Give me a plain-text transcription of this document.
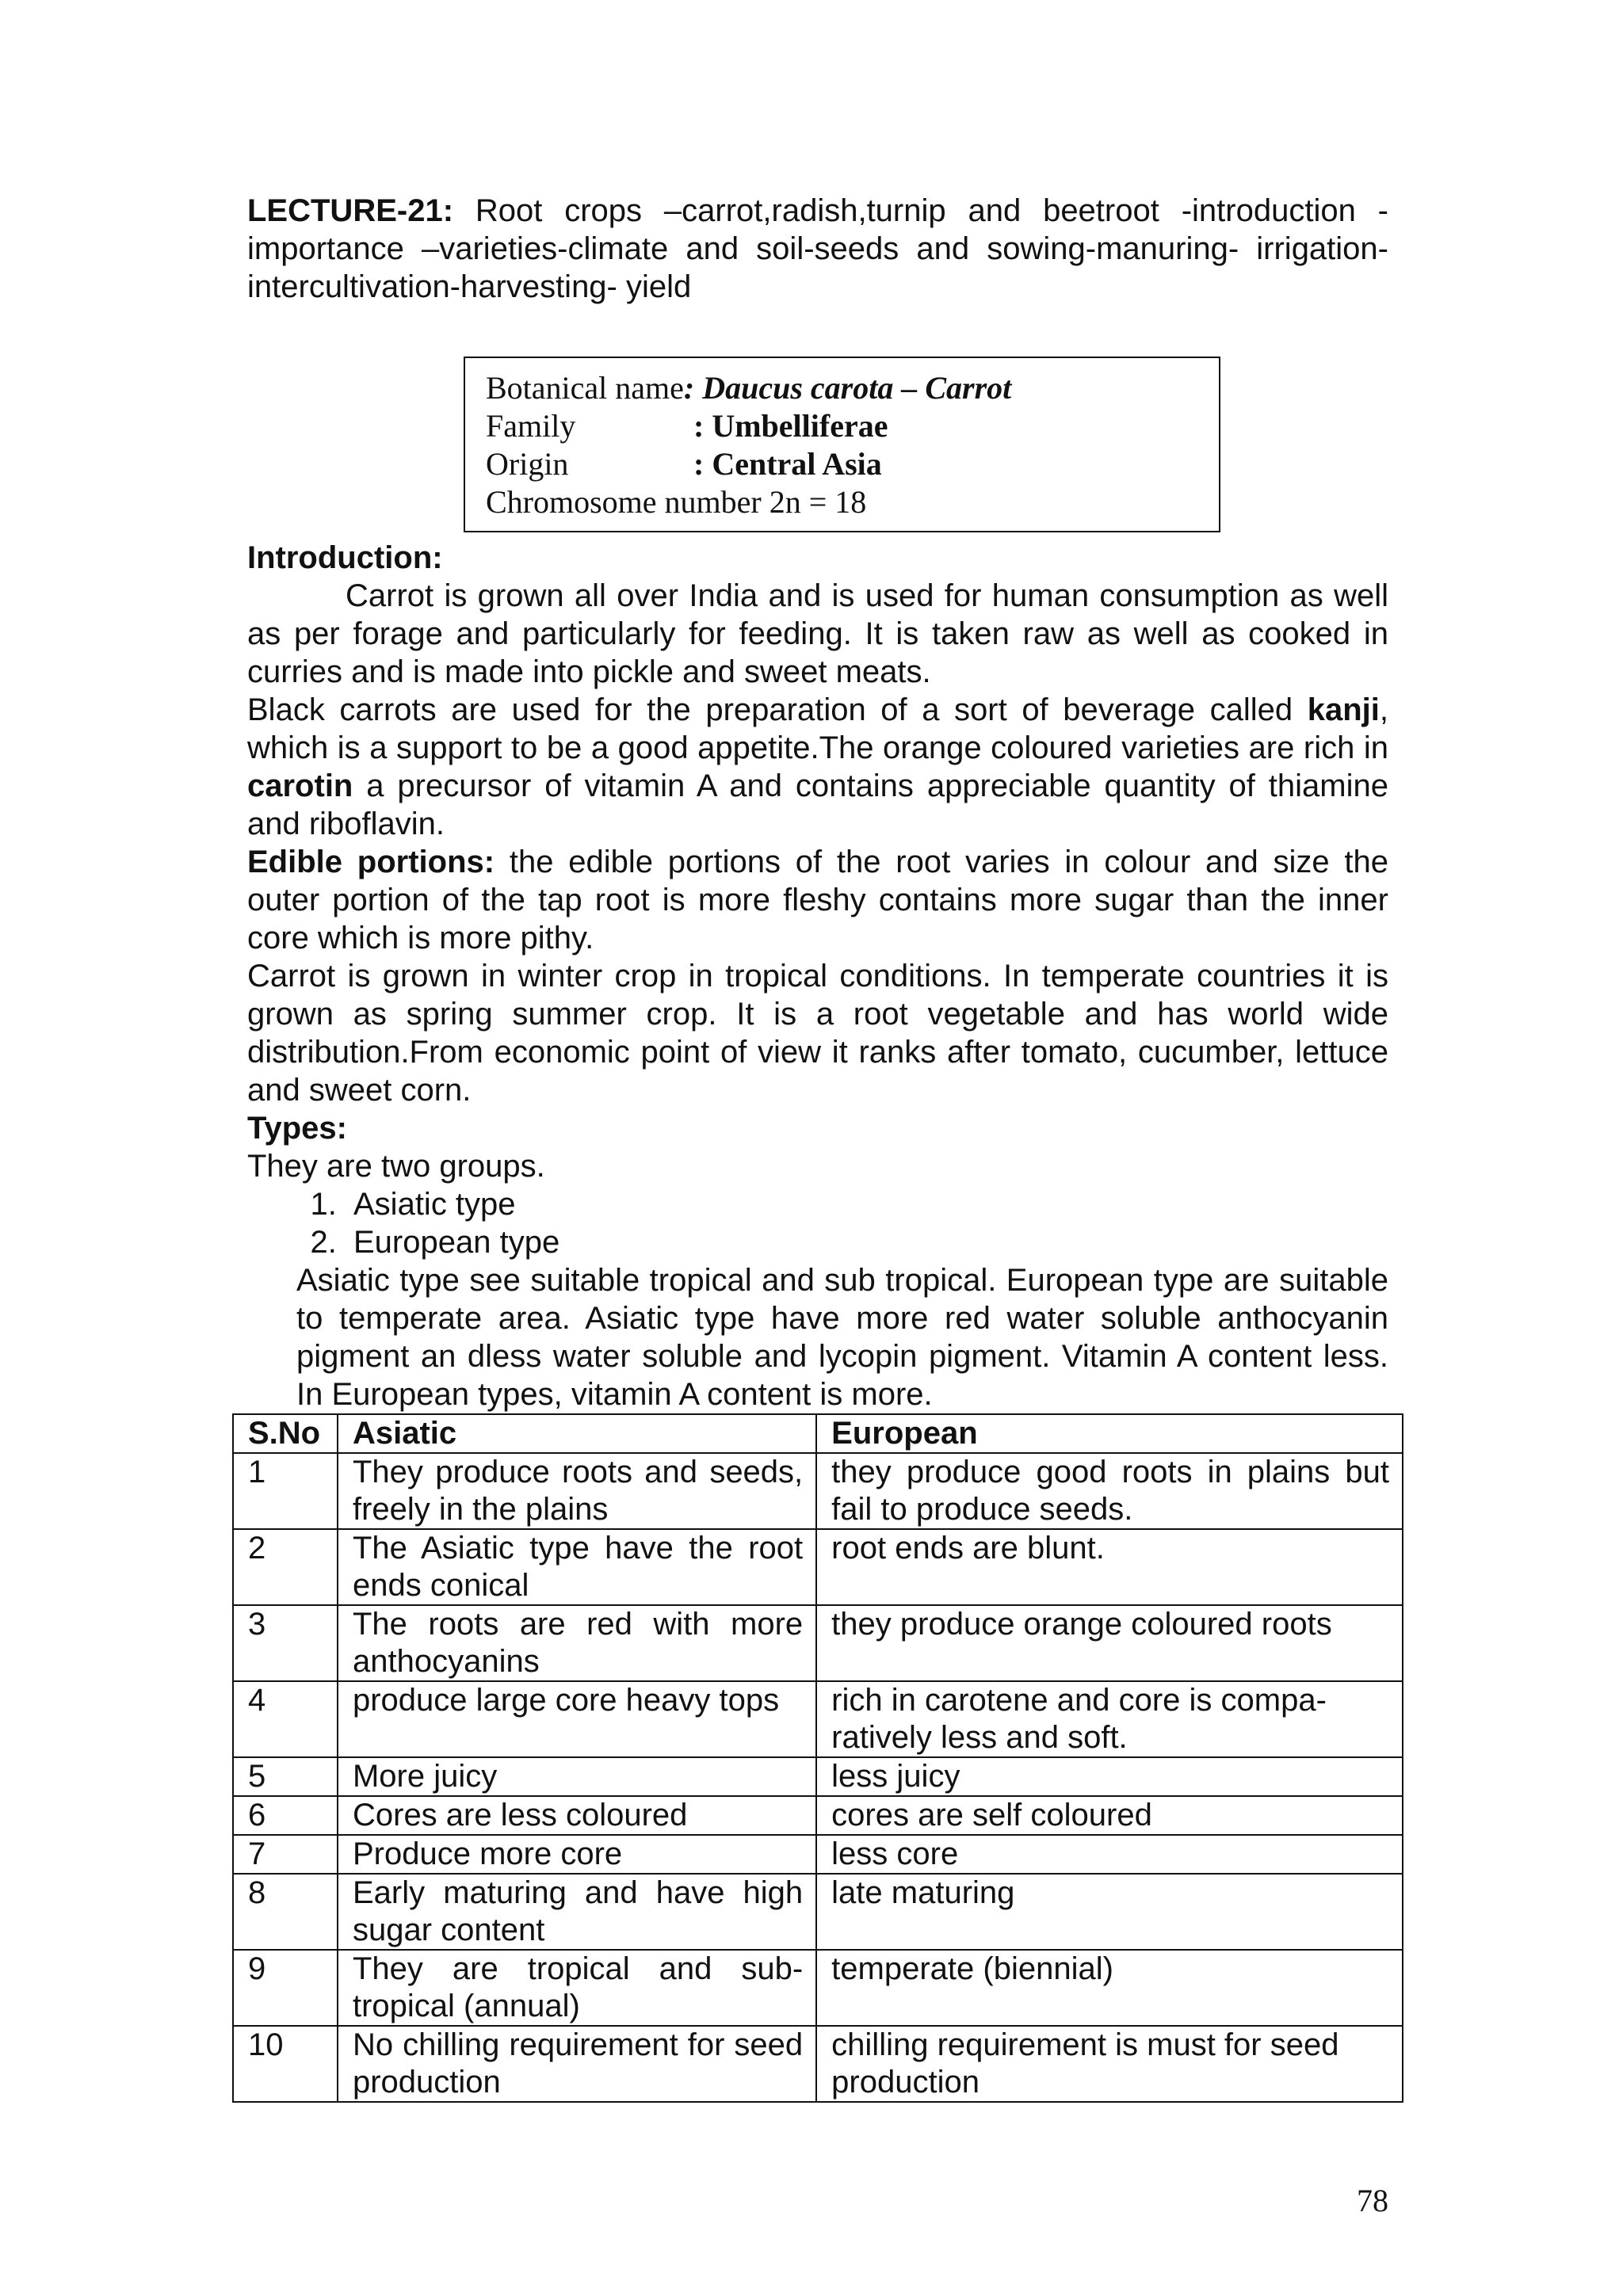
LECTURE-21: Root crops –carrot,radish,turnip and beetroot -introduction - importance –varieties-climate and soil-seeds and sowing-manuring- irrigation-intercultivation-harvesting- yield
Botanical name : Daucus carota – Carrot
Family	: Umbelliferae
Origin	: Central Asia
Chromosome number 2n = 18
Introduction:

Carrot is grown all over India and is used for human consumption as well as per forage and particularly for feeding. It is taken raw as well as cooked in curries and is made into pickle and sweet meats.

Black carrots are used for the preparation of a sort of beverage called kanji, which is a support to be a good appetite.The orange coloured varieties are rich in carotin a precursor of vitamin A and contains appreciable quantity of thiamine and riboflavin.

Edible portions: the edible portions of the root varies in colour and size the outer portion of the tap root is more fleshy contains more sugar than the inner core which is more pithy.

Carrot is grown in winter crop in tropical conditions. In temperate countries it is grown as spring summer crop. It is a root vegetable and has world wide distribution.From economic point of view it ranks after tomato, cucumber, lettuce and sweet corn.

Types:
They are two groups.
1. Asiatic type
2. European type
Asiatic type see suitable tropical and sub tropical. European type are suitable to temperate area. Asiatic type have more red water soluble anthocyanin pigment an dless water soluble and lycopin pigment. Vitamin A content less. In European types, vitamin A content is more.
S.No	Asiatic	European
1	They produce roots and seeds, freely in the plains	they produce good roots in plains but fail to produce seeds.
2	The Asiatic type have the root ends conical	root ends are blunt.
3	The roots are red with more anthocyanins	they produce orange coloured roots
4	produce large core heavy tops	rich in carotene and core is compa-ratively less and soft.
5	More juicy	less juicy
6	Cores are less coloured	cores are self coloured
7	Produce more core	less core
8	Early maturing and have high sugar content	late maturing
9	They are tropical and sub-tropical (annual)	temperate (biennial)
10	No chilling requirement for seed production	chilling requirement is must for seed production
78
